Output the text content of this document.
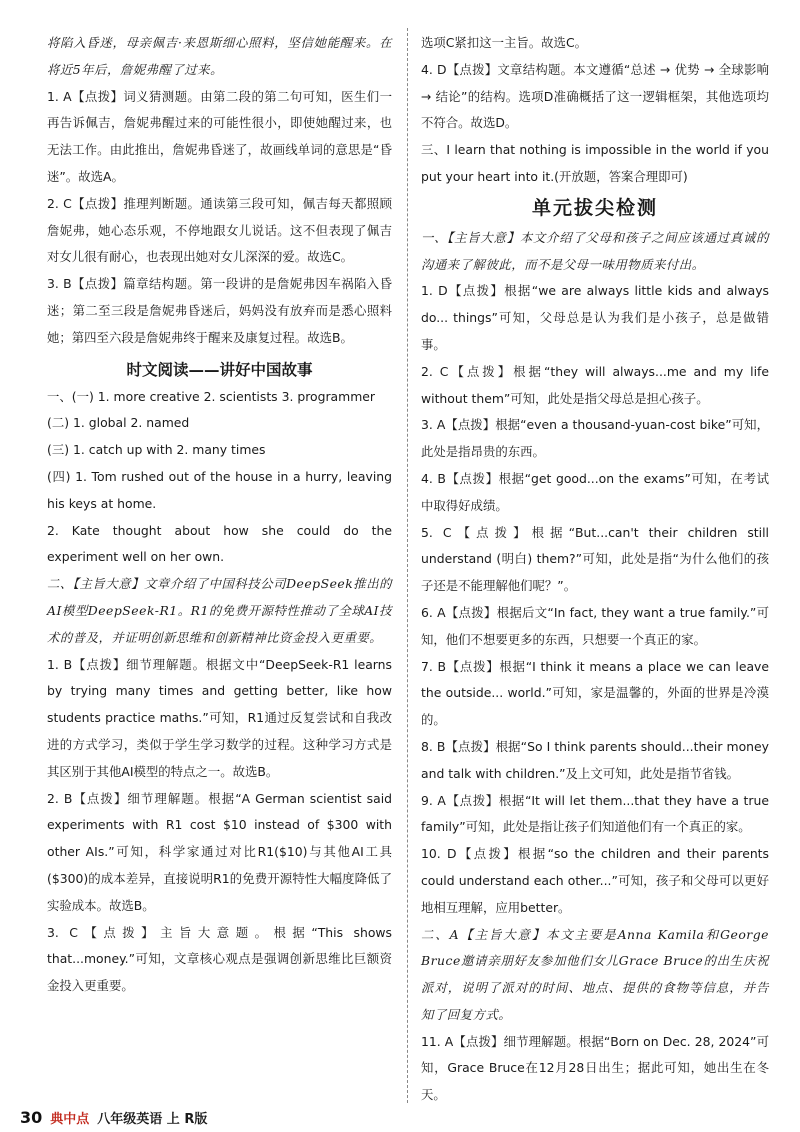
将陷入昏迷，母亲佩吉·来恩斯细心照料，坚信她能醒来。在将近5年后，詹妮弗醒了过来。

1. A【点拨】词义猜测题。由第二段的第二句可知，医生们一再告诉佩吉，詹妮弗醒过来的可能性很小，即使她醒过来，也无法工作。由此推出，詹妮弗昏迷了，故画线单词的意思是“昏迷”。故选A。

2. C【点拨】推理判断题。通读第三段可知，佩吉每天都照顾詹妮弗，她心态乐观，不停地跟女儿说话。这不但表现了佩吉对女儿很有耐心，也表现出她对女儿深深的爱。故选C。

3. B【点拨】篇章结构题。第一段讲的是詹妮弗因车祸陷入昏迷；第二至三段是詹妮弗昏迷后，妈妈没有放弃而是悉心照料她；第四至六段是詹妮弗终于醒来及康复过程。故选B。

时文阅读——讲好中国故事

一、(一) 1. more creative 2. scientists 3. programmer

(二) 1. global 2. named

(三) 1. catch up with 2. many times

(四) 1. Tom rushed out of the house in a hurry, leaving his keys at home.

2. Kate thought about how she could do the experiment well on her own.

二、【主旨大意】文章介绍了中国科技公司DeepSeek推出的AI模型DeepSeek-R1。R1的免费开源特性推动了全球AI技术的普及，并证明创新思维和创新精神比资金投入更重要。

1. B【点拨】细节理解题。根据文中“DeepSeek-R1 learns by trying many times and getting better, like how students practice maths.”可知，R1通过反复尝试和自我改进的方式学习，类似于学生学习数学的过程。这种学习方式是其区别于其他AI模型的特点之一。故选B。

2. B【点拨】细节理解题。根据“A German scientist said experiments with R1 cost $10 instead of $300 with other AIs.”可知，科学家通过对比R1($10)与其他AI工具($300)的成本差异，直接说明R1的免费开源特性大幅度降低了实验成本。故选B。

3. C【点拨】主旨大意题。根据“This shows that...money.”可知，文章核心观点是强调创新思维比巨额资金投入更重要。

选项C紧扣这一主旨。故选C。

4. D【点拨】文章结构题。本文遵循“总述 → 优势 → 全球影响 → 结论”的结构。选项D准确概括了这一逻辑框架，其他选项均不符合。故选D。

三、I learn that nothing is impossible in the world if you put your heart into it.(开放题，答案合理即可)

单元拔尖检测

一、【主旨大意】本文介绍了父母和孩子之间应该通过真诚的沟通来了解彼此，而不是父母一味用物质来付出。

1. D【点拨】根据“we are always little kids and always do... things”可知，父母总是认为我们是小孩子，总是做错事。

2. C【点拨】根据“they will always...me and my life without them”可知，此处是指父母总是担心孩子。

3. A【点拨】根据“even a thousand-yuan-cost bike”可知，此处是指昂贵的东西。

4. B【点拨】根据“get good...on the exams”可知，在考试中取得好成绩。

5. C【点拨】根据“But...can't their children still understand (明白) them?”可知，此处是指“为什么他们的孩子还是不能理解他们呢？”。

6. A【点拨】根据后文“In fact, they want a true family.”可知，他们不想要更多的东西，只想要一个真正的家。

7. B【点拨】根据“I think it means a place we can leave the outside... world.”可知，家是温馨的，外面的世界是冷漠的。

8. B【点拨】根据“So I think parents should...their money and talk with children.”及上文可知，此处是指节省钱。

9. A【点拨】根据“It will let them...that they have a true family”可知，此处是指让孩子们知道他们有一个真正的家。

10. D【点拨】根据“so the children and their parents could understand each other...”可知，孩子和父母可以更好地相互理解，应用better。

二、A【主旨大意】本文主要是Anna Kamila和George Bruce邀请亲朋好友参加他们女儿Grace Bruce的出生庆祝派对，说明了派对的时间、地点、提供的食物等信息，并告知了回复方式。

11. A【点拨】细节理解题。根据“Born on Dec. 28, 2024”可知，Grace Bruce在12月28日出生；据此可知，她出生在冬天。

30 典中点 八年级英语 上 R版
